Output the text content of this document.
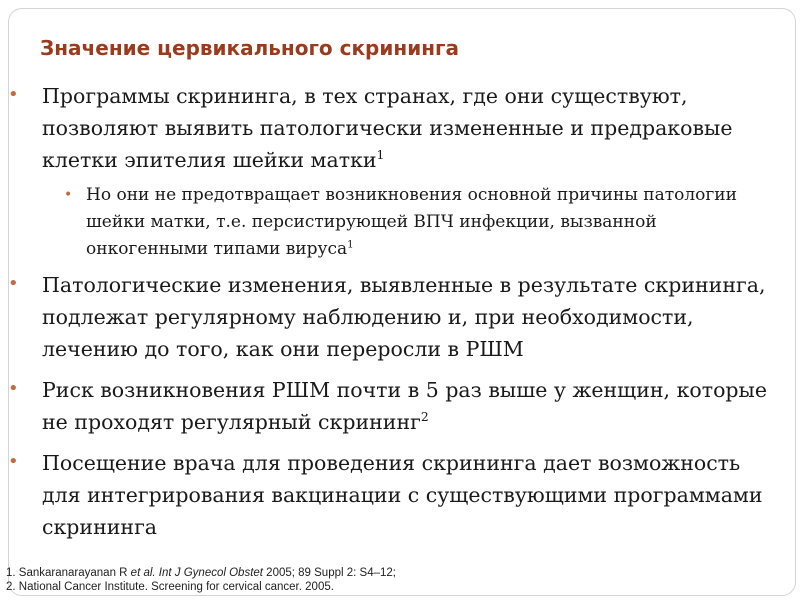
Значение цервикального скрининга
• Программы скрининга, в тех странах, где они существуют, позволяют выявить патологически измененные и предраковые клетки эпителия шейки матки$^1$
• Но они не предотвращает возникновения основной причины патологии шейки матки, т.е. персистирующей ВПЧ инфекции, вызванной онкогенными типами вируса$^1$
• Патологические изменения, выявленные в результате скрининга, подлежат регулярному наблюдению и, при необходимости, лечению до того, как они переросли в РШМ
• Риск возникновения РШМ почти в 5 раз выше у женщин, которые не проходят регулярный скрининг$^2$
• Посещение врача для проведения скрининга дает возможность для интегрирования вакцинации с существующими программами скрининга
1. Sankaranarayanan R et al. Int J Gynecol Obstet 2005; 89 Suppl 2: S4–12;
2. National Cancer Institute. Screening for cervical cancer. 2005.
